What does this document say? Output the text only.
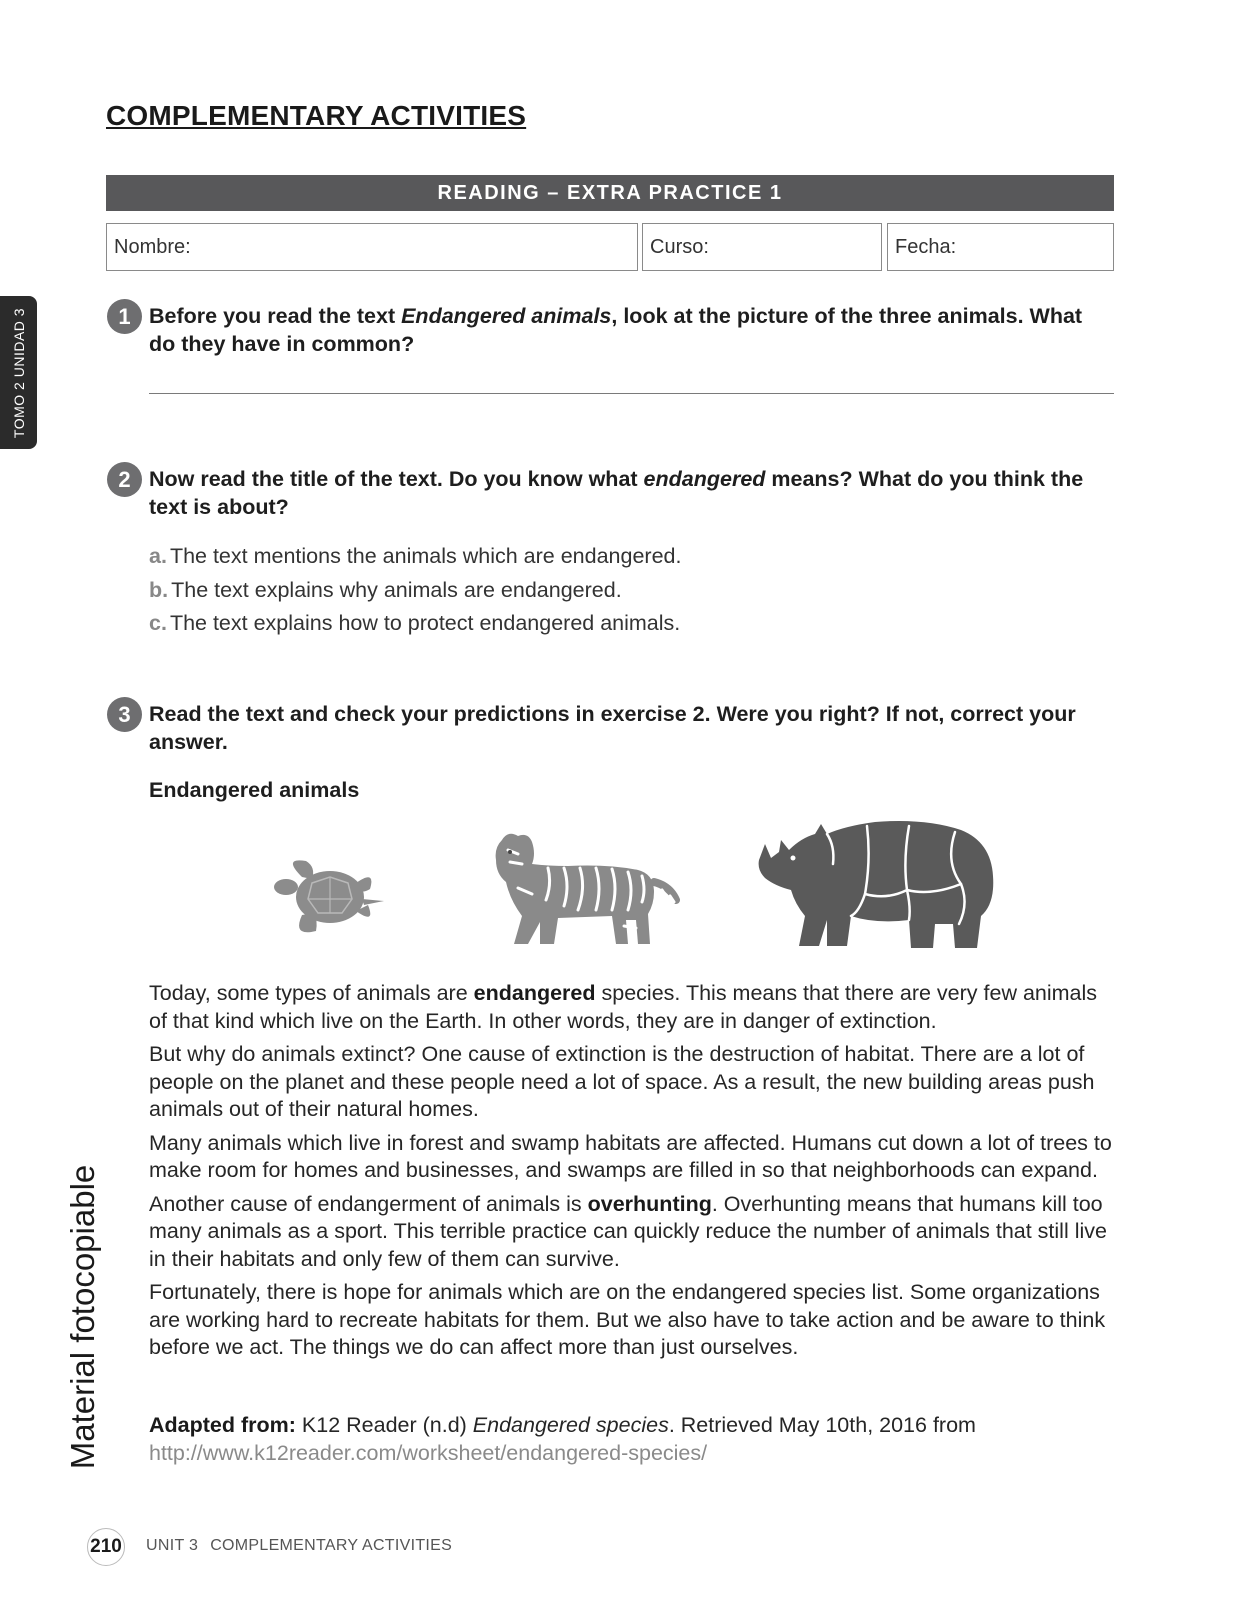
COMPLEMENTARY ACTIVITIES
READING – EXTRA PRACTICE 1
Nombre:	Curso:	Fecha:
TOMO 2 UNIDAD 3	1 Before you read the text Endangered animals, look at the picture of the three animals. What do they have in common?
2 Now read the title of the text. Do you know what endangered means? What do you think the text is about?
a. The text mentions the animals which are endangered.
b. The text explains why animals are endangered.
c. The text explains how to protect endangered animals.
3 Read the text and check your predictions in exercise 2. Were you right? If not, correct your answer.
Endangered animals

Today, some types of animals are endangered species. This means that there are very few animals of that kind which live on the Earth. In other words, they are in danger of extinction.

But why do animals extinct? One cause of extinction is the destruction of habitat. There are a lot of people on the planet and these people need a lot of space. As a result, the new building areas push animals out of their natural homes.

Many animals which live in forest and swamp habitats are affected. Humans cut down a lot of trees to make room for homes and businesses, and swamps are filled in so that neighborhoods can expand.

Another cause of endangerment of animals is overhunting. Overhunting means that humans kill too many animals as a sport. This terrible practice can quickly reduce the number of animals that still live in their habitats and only few of them can survive.

Fortunately, there is hope for animals which are on the endangered species list. Some organizations are working hard to recreate habitats for them. But we also have to take action and be aware to think before we act. The things we do can affect more than just ourselves.

Adapted from: K12 Reader (n.d) Endangered species. Retrieved May 10th, 2016 from
http://www.k12reader.com/worksheet/endangered-species/
Material fotocopiable
210 UNIT 3 COMPLEMENTARY ACTIVITIES
